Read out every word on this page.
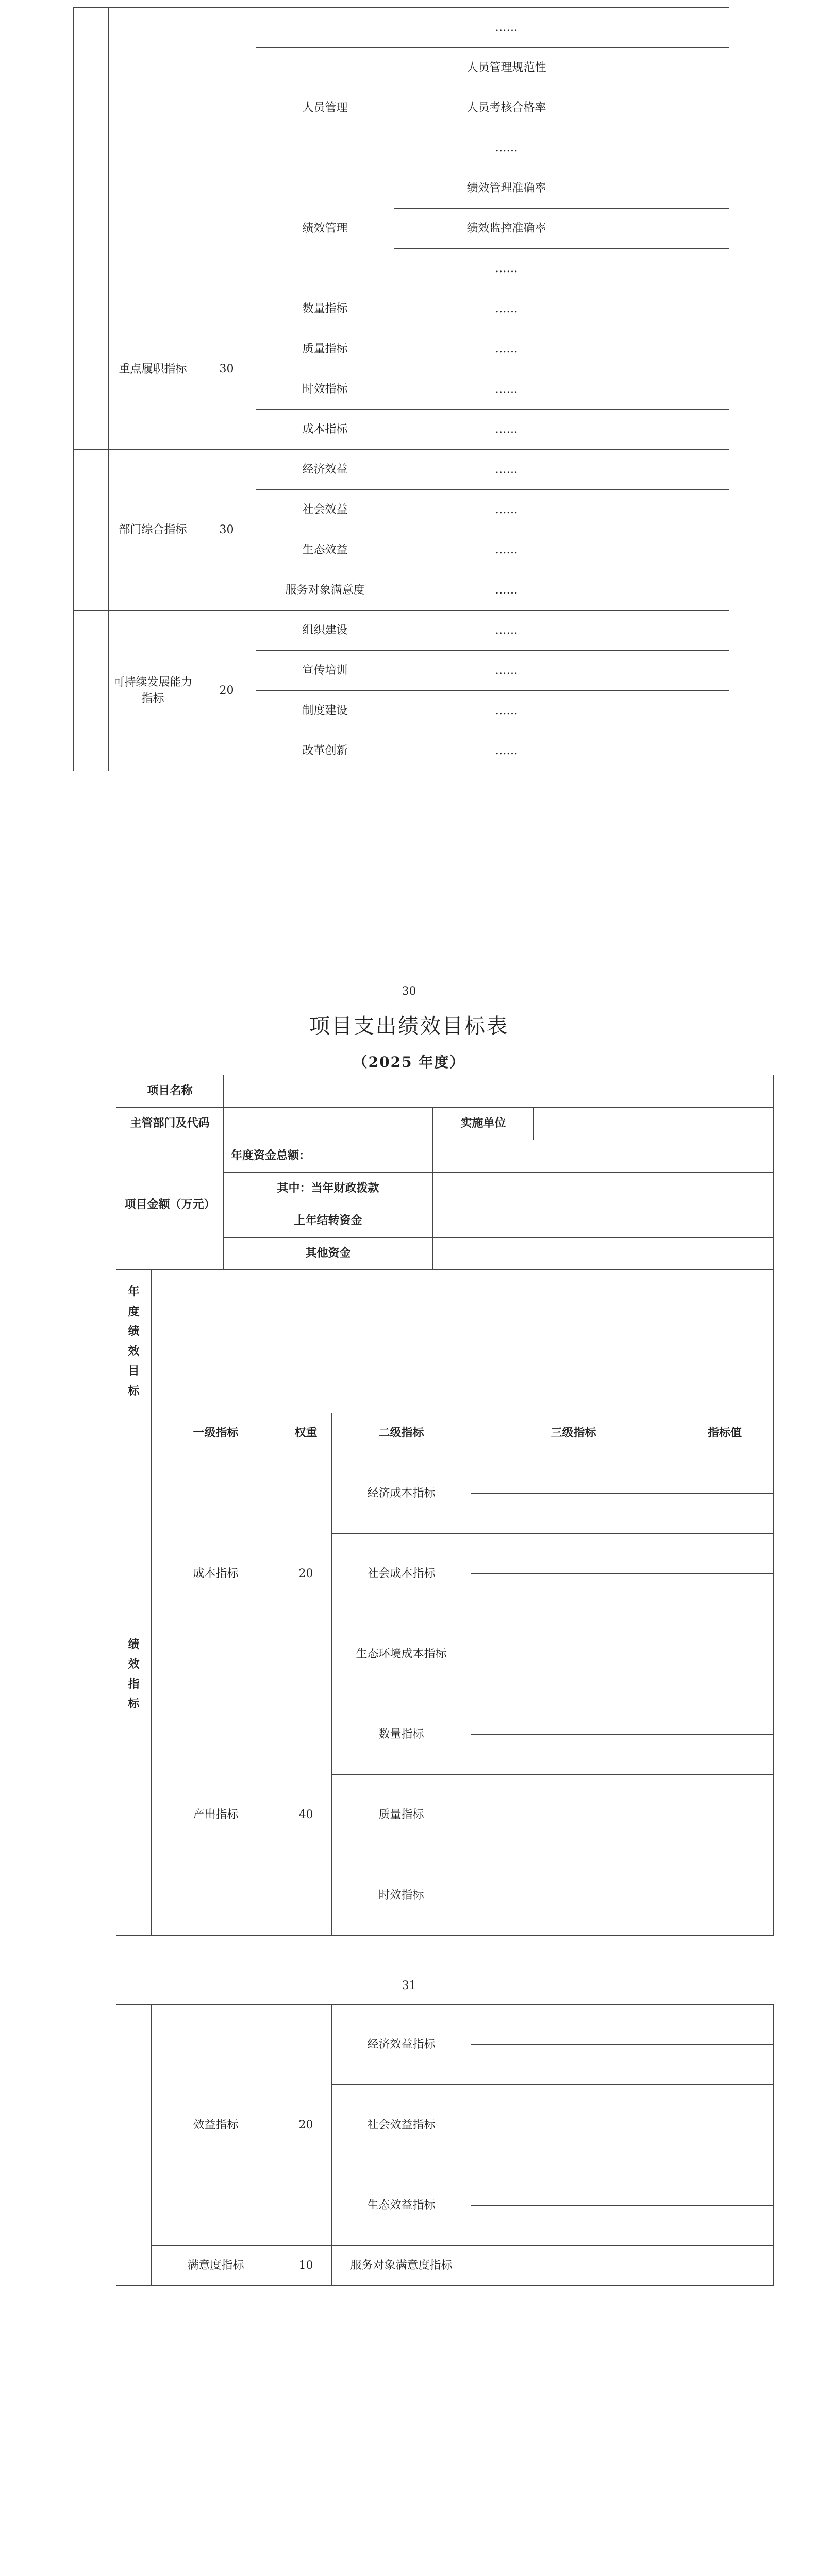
				……	
			人员管理	人员管理规范性	
				人员考核合格率	
				……	

			绩效管理	绩效管理准确率	
				绩效监控准确率	
				……	

	重点履职指标	30	数量指标	……	
			质量指标	……	
			时效指标	……	
			成本指标	……	
	部门综合指标	30	经济效益	……	
			社会效益	……	
			生态效益	……	
			服务对象满意度	……	
	可持续发展能力指标	20	组织建设	……	
			宣传培训	……	
			制度建设	……	
			改革创新	……	
30
项目支出绩效目标表
（2025 年度）
项目名称			
主管部门及代码		实施单位	
项目金额（万元）	年度资金总额：		
	其中：当年财政拨款		
	上年结转资金		
	其他资金		
年度绩效目标					
绩效指标	一级指标	权重	二级指标	三级指标	指标值
	成本指标	20	经济成本指标		

			社会成本指标		

			生态环境成本指标		

	产出指标	40	数量指标		

			质量指标		

			时效指标		

31
	效益指标	20	经济效益指标		

			社会效益指标		

			生态效益指标		

	满意度指标	10	服务对象满意度指标		
